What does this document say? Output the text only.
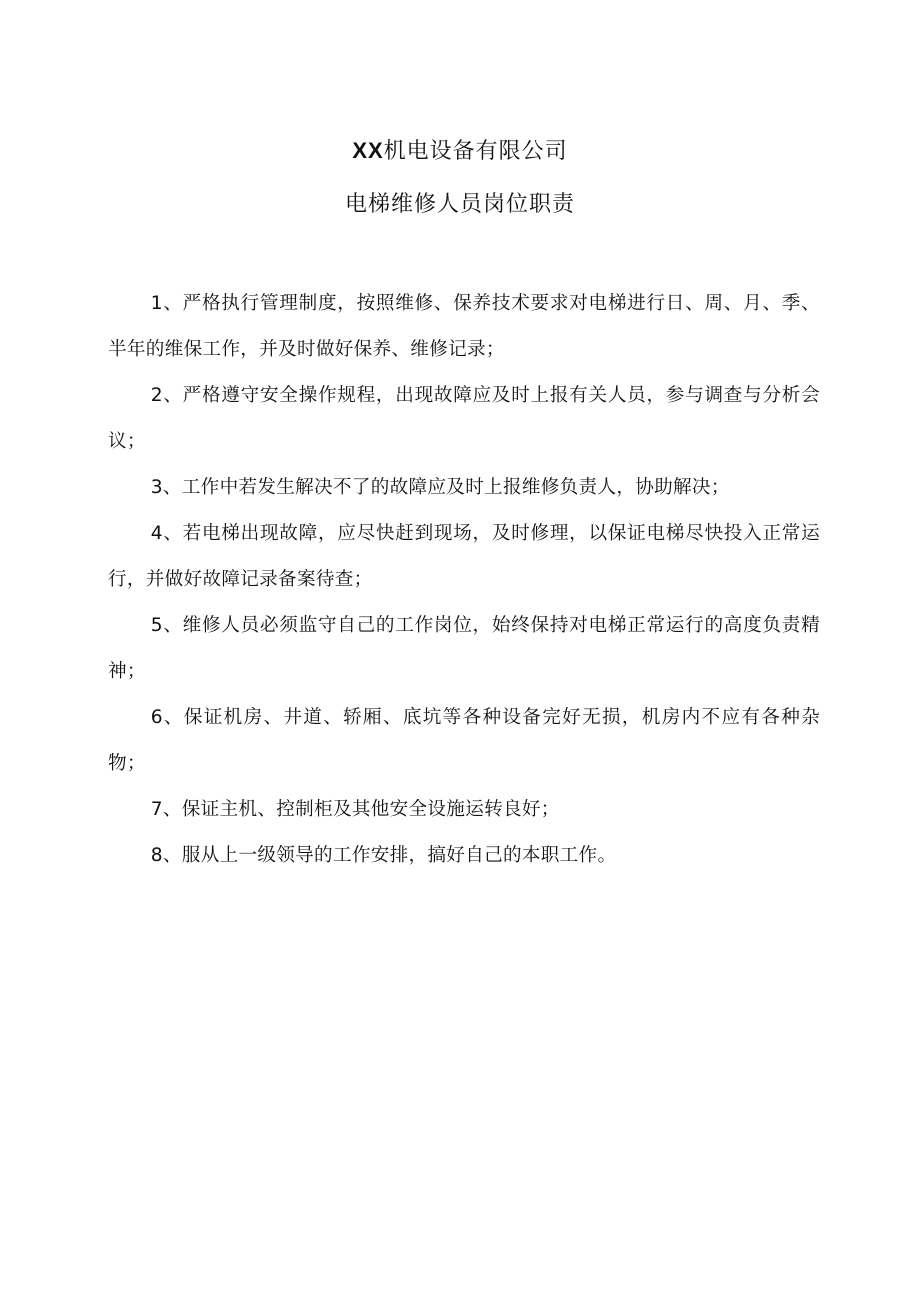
XX机电设备有限公司

电梯维修人员岗位职责

1、严格执行管理制度，按照维修、保养技术要求对电梯进行日、周、月、季、半年的维保工作，并及时做好保养、维修记录；
2、严格遵守安全操作规程，出现故障应及时上报有关人员，参与调查与分析会议；
3、工作中若发生解决不了的故障应及时上报维修负责人，协助解决；
4、若电梯出现故障，应尽快赶到现场，及时修理，以保证电梯尽快投入正常运行，并做好故障记录备案待查；
5、维修人员必须监守自己的工作岗位，始终保持对电梯正常运行的高度负责精神；
6、保证机房、井道、轿厢、底坑等各种设备完好无损，机房内不应有各种杂物；
7、保证主机、控制柜及其他安全设施运转良好；
8、服从上一级领导的工作安排，搞好自己的本职工作。
